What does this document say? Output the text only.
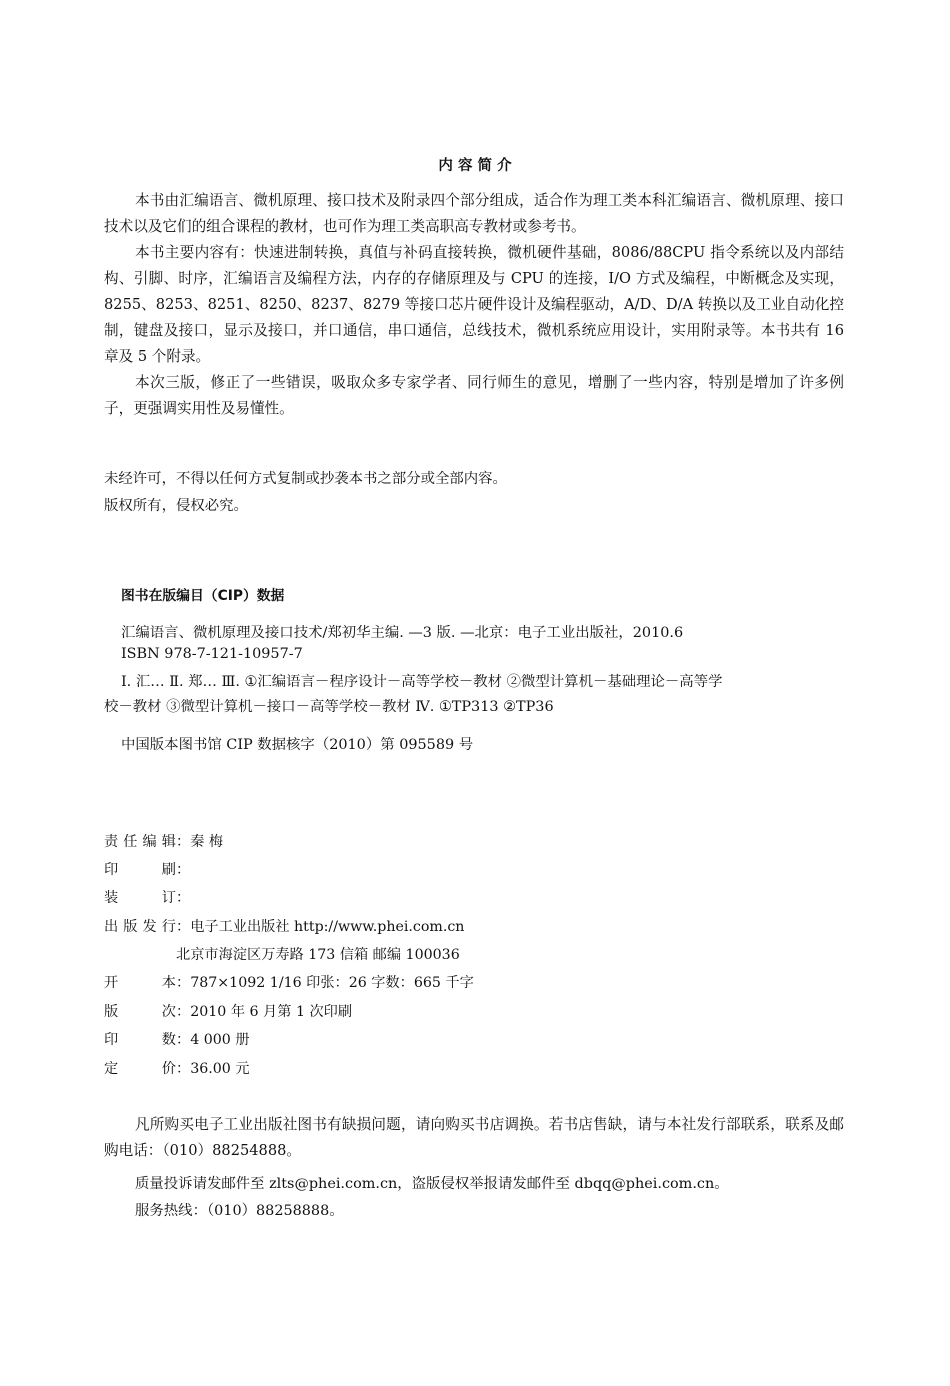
内 容 简 介

本书由汇编语言、微机原理、接口技术及附录四个部分组成，适合作为理工类本科汇编语言、微机原理、接口技术以及它们的组合课程的教材，也可作为理工类高职高专教材或参考书。

本书主要内容有：快速进制转换，真值与补码直接转换，微机硬件基础，8086/88CPU 指令系统以及内部结构、引脚、时序，汇编语言及编程方法，内存的存储原理及与 CPU 的连接，I/O 方式及编程，中断概念及实现，8255、8253、8251、8250、8237、8279 等接口芯片硬件设计及编程驱动，A/D、D/A 转换以及工业自动化控制，键盘及接口，显示及接口，并口通信，串口通信，总线技术，微机系统应用设计，实用附录等。本书共有 16 章及 5 个附录。

本次三版，修正了一些错误，吸取众多专家学者、同行师生的意见，增删了一些内容，特别是增加了许多例子，更强调实用性及易懂性。

未经许可，不得以任何方式复制或抄袭本书之部分或全部内容。
版权所有，侵权必究。
图书在版编目（CIP）数据
汇编语言、微机原理及接口技术/郑初华主编. —3 版. —北京：电子工业出版社，2010.6
ISBN 978-7-121-10957-7
Ⅰ. 汇… Ⅱ. 郑… Ⅲ. ①汇编语言－程序设计－高等学校－教材 ②微型计算机－基础理论－高等学
校－教材 ③微型计算机－接口－高等学校－教材 Ⅳ. ①TP313 ②TP36
中国版本图书馆 CIP 数据核字（2010）第 095589 号
责任编辑：秦 梅
印刷：
装订：
出版发行：电子工业出版社 http://www.phei.com.cn
北京市海淀区万寿路 173 信箱 邮编 100036
开本：787×1092 1/16 印张：26 字数：665 千字
版次：2010 年 6 月第 1 次印刷
印数：4 000 册
定价：36.00 元

凡所购买电子工业出版社图书有缺损问题，请向购买书店调换。若书店售缺，请与本社发行部联系，联系及邮购电话：（010）88254888。

质量投诉请发邮件至 zlts@phei.com.cn，盗版侵权举报请发邮件至 dbqq@phei.com.cn。
服务热线：（010）88258888。
